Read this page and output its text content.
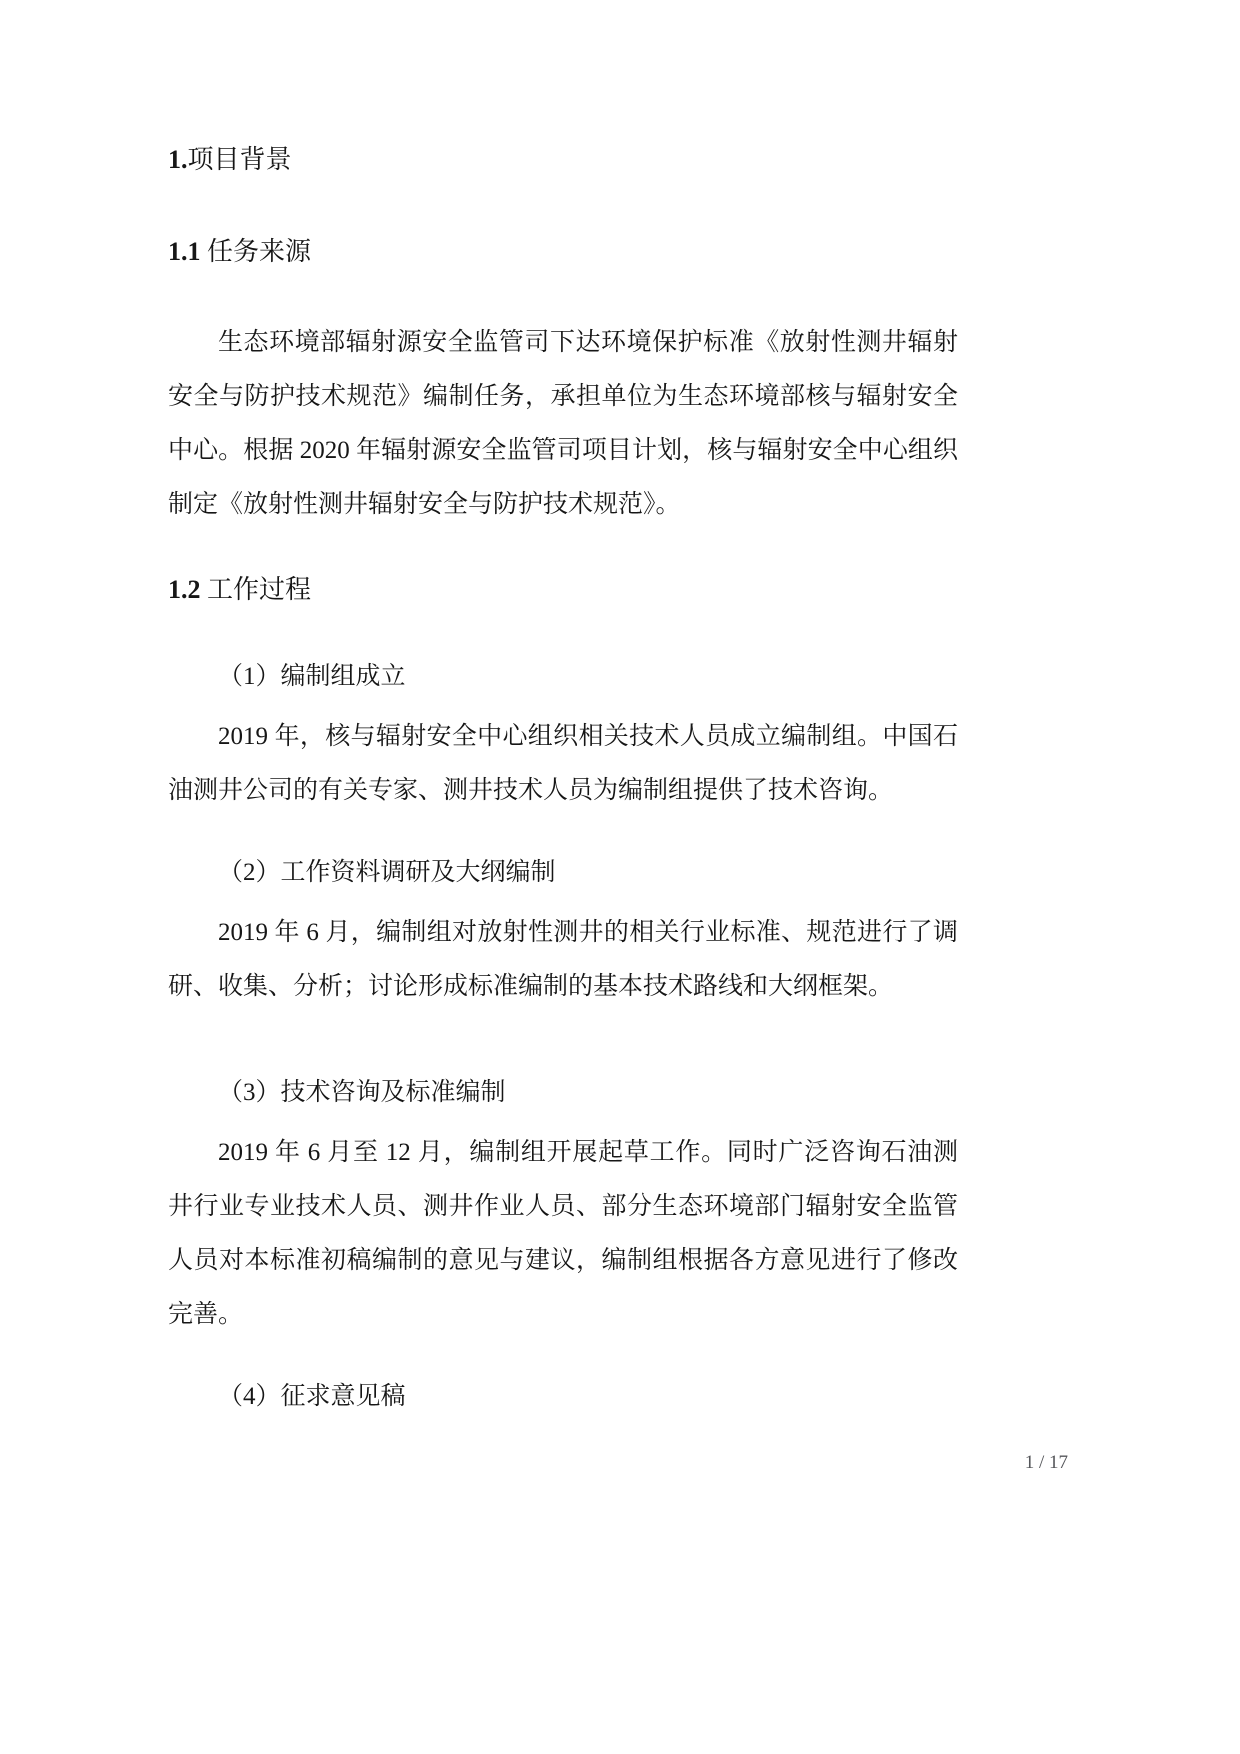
1.项目背景
1.1 任务来源

生态环境部辐射源安全监管司下达环境保护标准《放射性测井辐射安全与防护技术规范》编制任务，承担单位为生态环境部核与辐射安全中心。根据 2020 年辐射源安全监管司项目计划，核与辐射安全中心组织制定《放射性测井辐射安全与防护技术规范》。

1.2 工作过程

（1）编制组成立

2019 年，核与辐射安全中心组织相关技术人员成立编制组。中国石油测井公司的有关专家、测井技术人员为编制组提供了技术咨询。

（2）工作资料调研及大纲编制

2019 年 6 月，编制组对放射性测井的相关行业标准、规范进行了调研、收集、分析；讨论形成标准编制的基本技术路线和大纲框架。

（3）技术咨询及标准编制

2019 年 6 月至 12 月，编制组开展起草工作。同时广泛咨询石油测井行业专业技术人员、测井作业人员、部分生态环境部门辐射安全监管人员对本标准初稿编制的意见与建议，编制组根据各方意见进行了修改完善。

（4）征求意见稿

1 / 17
